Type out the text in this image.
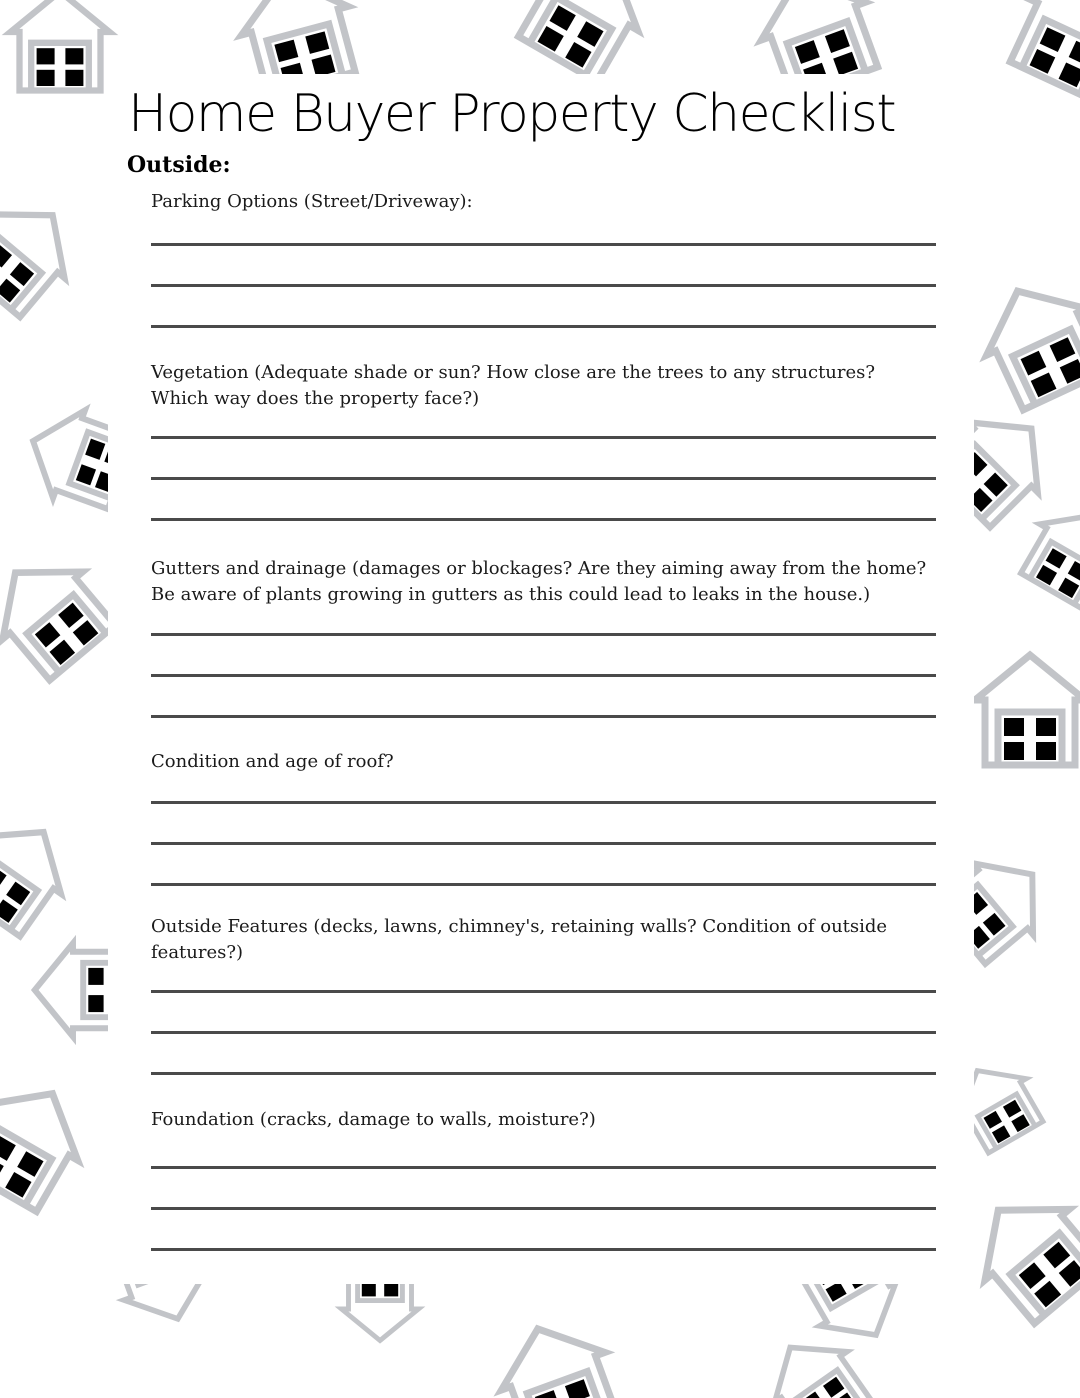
Home Buyer Property Checklist
Outside:

Parking Options (Street/Driveway):

Vegetation (Adequate shade or sun? How close are the trees to any structures? Which way does the property face?)

Gutters and drainage (damages or blockages? Are they aiming away from the home? Be aware of plants growing in gutters as this could lead to leaks in the house.)

Condition and age of roof?

Outside Features (decks, lawns, chimney's, retaining walls? Condition of outside features?)

Foundation (cracks, damage to walls, moisture?)
